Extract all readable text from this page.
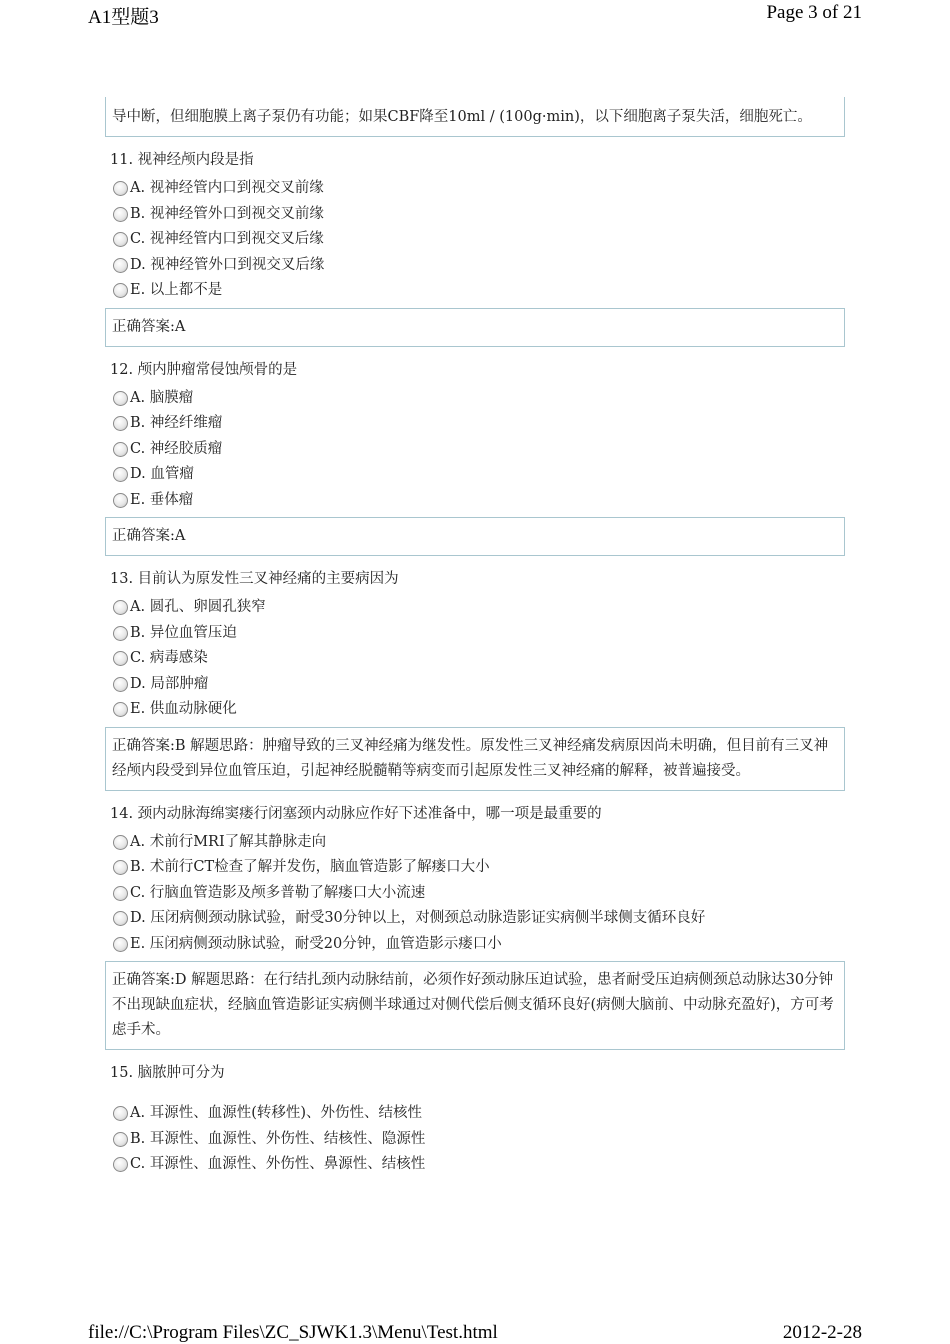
A1型题3	Page 3 of 21
导中断，但细胞膜上离子泵仍有功能；如果CBF降至10ml / (100g·min)，以下细胞离子泵失活，细胞死亡。
11. 视神经颅内段是指
A. 视神经管内口到视交叉前缘
B. 视神经管外口到视交叉前缘
C. 视神经管内口到视交叉后缘
D. 视神经管外口到视交叉后缘
E. 以上都不是
正确答案:A
12. 颅内肿瘤常侵蚀颅骨的是
A. 脑膜瘤
B. 神经纤维瘤
C. 神经胶质瘤
D. 血管瘤
E. 垂体瘤
正确答案:A
13. 目前认为原发性三叉神经痛的主要病因为
A. 圆孔、卵圆孔狭窄
B. 异位血管压迫
C. 病毒感染
D. 局部肿瘤
E. 供血动脉硬化
正确答案:B 解题思路：肿瘤导致的三叉神经痛为继发性。原发性三叉神经痛发病原因尚未明确，但目前有三叉神经颅内段受到异位血管压迫，引起神经脱髓鞘等病变而引起原发性三叉神经痛的解释，被普遍接受。
14. 颈内动脉海绵窦瘘行闭塞颈内动脉应作好下述准备中，哪一项是最重要的
A. 术前行MRI了解其静脉走向
B. 术前行CT检查了解并发伤，脑血管造影了解瘘口大小
C. 行脑血管造影及颅多普勒了解瘘口大小流速
D. 压闭病侧颈动脉试验，耐受30分钟以上，对侧颈总动脉造影证实病侧半球侧支循环良好
E. 压闭病侧颈动脉试验，耐受20分钟，血管造影示瘘口小
正确答案:D 解题思路：在行结扎颈内动脉结前，必须作好颈动脉压迫试验，患者耐受压迫病侧颈总动脉达30分钟不出现缺血症状，经脑血管造影证实病侧半球通过对侧代偿后侧支循环良好(病侧大脑前、中动脉充盈好)，方可考虑手术。
15. 脑脓肿可分为
A. 耳源性、血源性(转移性)、外伤性、结核性
B. 耳源性、血源性、外伤性、结核性、隐源性
C. 耳源性、血源性、外伤性、鼻源性、结核性
file://C:\Program Files\ZC_SJWK1.3\Menu\Test.html	2012-2-28
